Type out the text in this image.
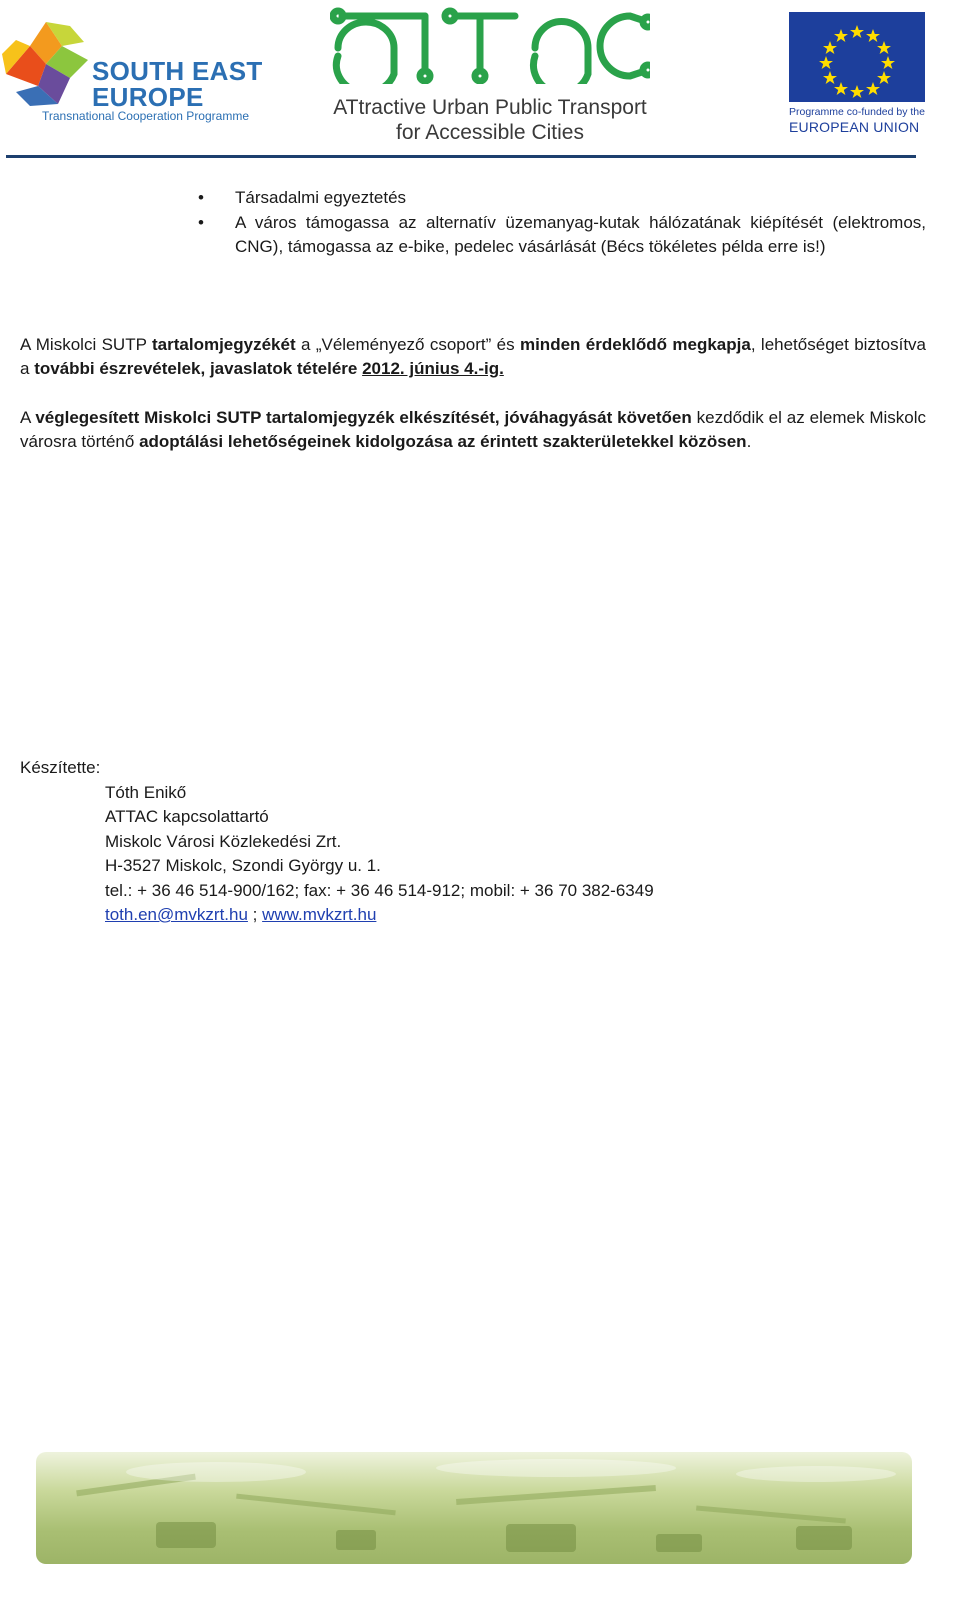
SOUTH EAST
EUROPE
Transnational Cooperation Programme	ATtractive Urban Public Transport
for Accessible Cities
Programme co-funded by the
EUROPEAN UNION
• Társadalmi egyeztetés
• A város támogassa az alternatív üzemanyag-kutak hálózatának kiépítését (elektromos, CNG), támogassa az e-bike, pedelec vásárlását (Bécs tökéletes példa erre is!)

A Miskolci SUTP tartalomjegyzékét a „Véleményező csoport” és minden érdeklődő megkapja, lehetőséget biztosítva a további észrevételek, javaslatok tételére 2012. június 4.-ig.

A véglegesített Miskolci SUTP tartalomjegyzék elkészítését, jóváhagyását követően kezdődik el az elemek Miskolc városra történő adoptálási lehetőségeinek kidolgozása az érintett szakterületekkel közösen.

Készítette:
Tóth Enikő
ATTAC kapcsolattartó
Miskolc Városi Közlekedési Zrt.
H-3527 Miskolc, Szondi György u. 1.
tel.: + 36 46 514-900/162; fax: + 36 46 514-912; mobil: + 36 70 382-6349
toth.en@mvkzrt.hu ; www.mvkzrt.hu
